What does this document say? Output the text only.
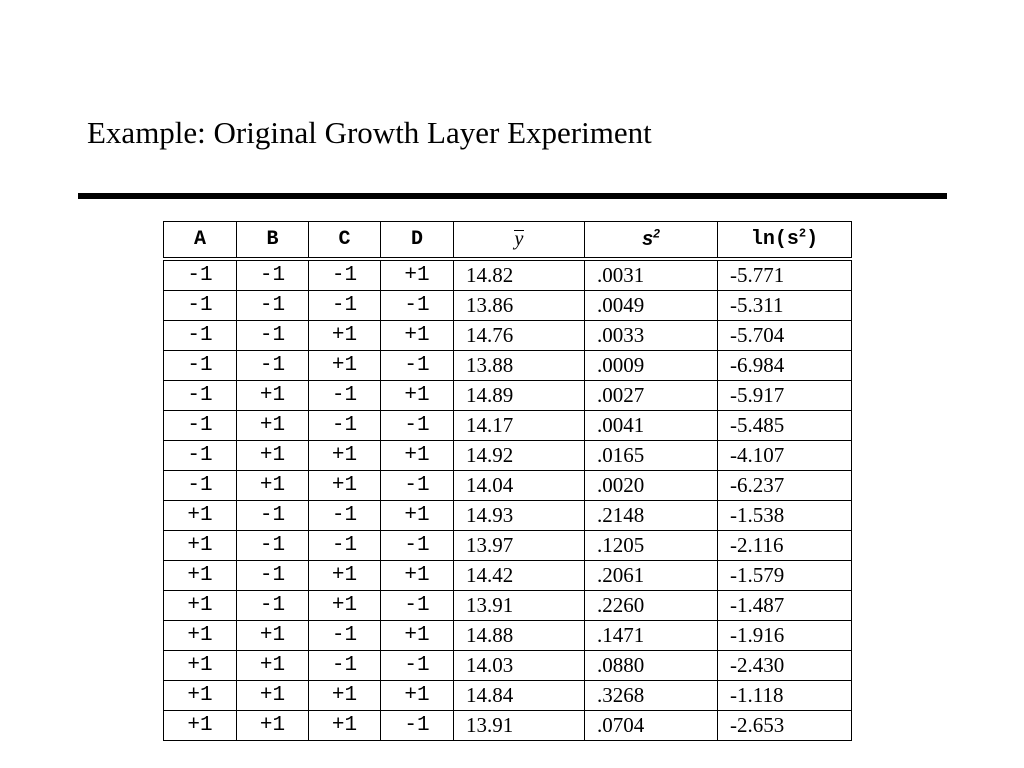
Example: Original Growth Layer Experiment
A	B	C	D	y	$s^2$	$\ln(s^2)$
-1	-1	-1	+1	14.82	.0031	-5.771
-1	-1	-1	-1	13.86	.0049	-5.311
-1	-1	+1	+1	14.76	.0033	-5.704
-1	-1	+1	-1	13.88	.0009	-6.984
-1	+1	-1	+1	14.89	.0027	-5.917
-1	+1	-1	-1	14.17	.0041	-5.485
-1	+1	+1	+1	14.92	.0165	-4.107
-1	+1	+1	-1	14.04	.0020	-6.237
+1	-1	-1	+1	14.93	.2148	-1.538
+1	-1	-1	-1	13.97	.1205	-2.116
+1	-1	+1	+1	14.42	.2061	-1.579
+1	-1	+1	-1	13.91	.2260	-1.487
+1	+1	-1	+1	14.88	.1471	-1.916
+1	+1	-1	-1	14.03	.0880	-2.430
+1	+1	+1	+1	14.84	.3268	-1.118
+1	+1	+1	-1	13.91	.0704	-2.653
